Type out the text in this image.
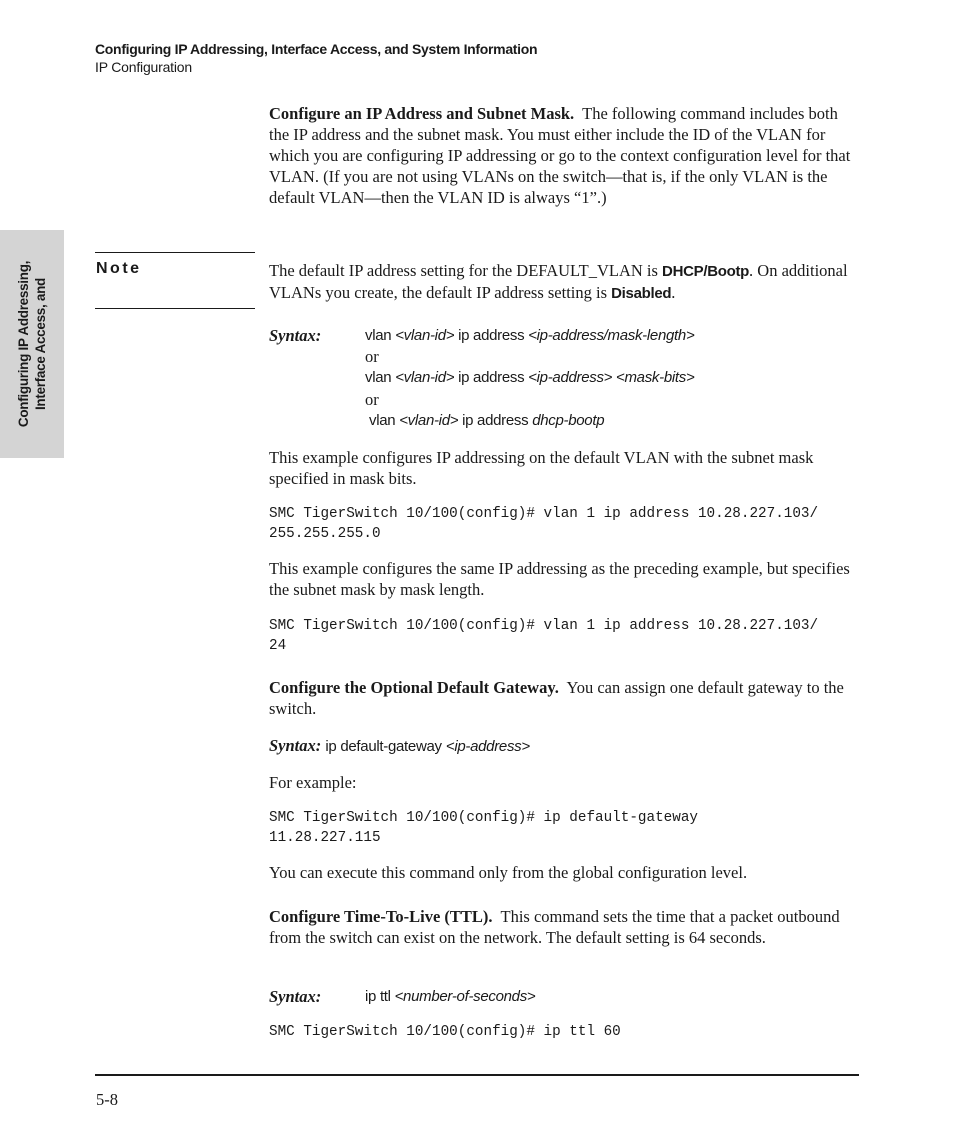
Configuring IP Addressing, Interface Access, and System Information
IP Configuration
Configuring IP Addressing, Interface Access, and

Configure an IP Address and Subnet Mask. The following command includes both the IP address and the subnet mask. You must either include the ID of the VLAN for which you are configuring IP addressing or go to the context configuration level for that VLAN. (If you are not using VLANs on the switch—that is, if the only VLAN is the default VLAN—then the VLAN ID is always “1”.)

Note	The default IP address setting for the DEFAULT_VLAN is DHCP/Bootp. On additional VLANs you create, the default IP address setting is Disabled.

Syntax:	vlan <vlan-id> ip address <ip-address/mask-length>
or
vlan <vlan-id> ip address <ip-address> <mask-bits>
or
vlan <vlan-id> ip address dhcp-bootp

This example configures IP addressing on the default VLAN with the subnet mask specified in mask bits.

SMC TigerSwitch 10/100(config)# vlan 1 ip address 10.28.227.103/
255.255.255.0

This example configures the same IP addressing as the preceding example, but specifies the subnet mask by mask length.

SMC TigerSwitch 10/100(config)# vlan 1 ip address 10.28.227.103/
24

Configure the Optional Default Gateway. You can assign one default gateway to the switch.

Syntax: ip default-gateway <ip-address>

For example:

SMC TigerSwitch 10/100(config)# ip default-gateway
11.28.227.115

You can execute this command only from the global configuration level.

Configure Time-To-Live (TTL). This command sets the time that a packet outbound from the switch can exist on the network. The default setting is 64 seconds.

Syntax:	ip ttl <number-of-seconds>
SMC TigerSwitch 10/100(config)# ip ttl 60
5-8
